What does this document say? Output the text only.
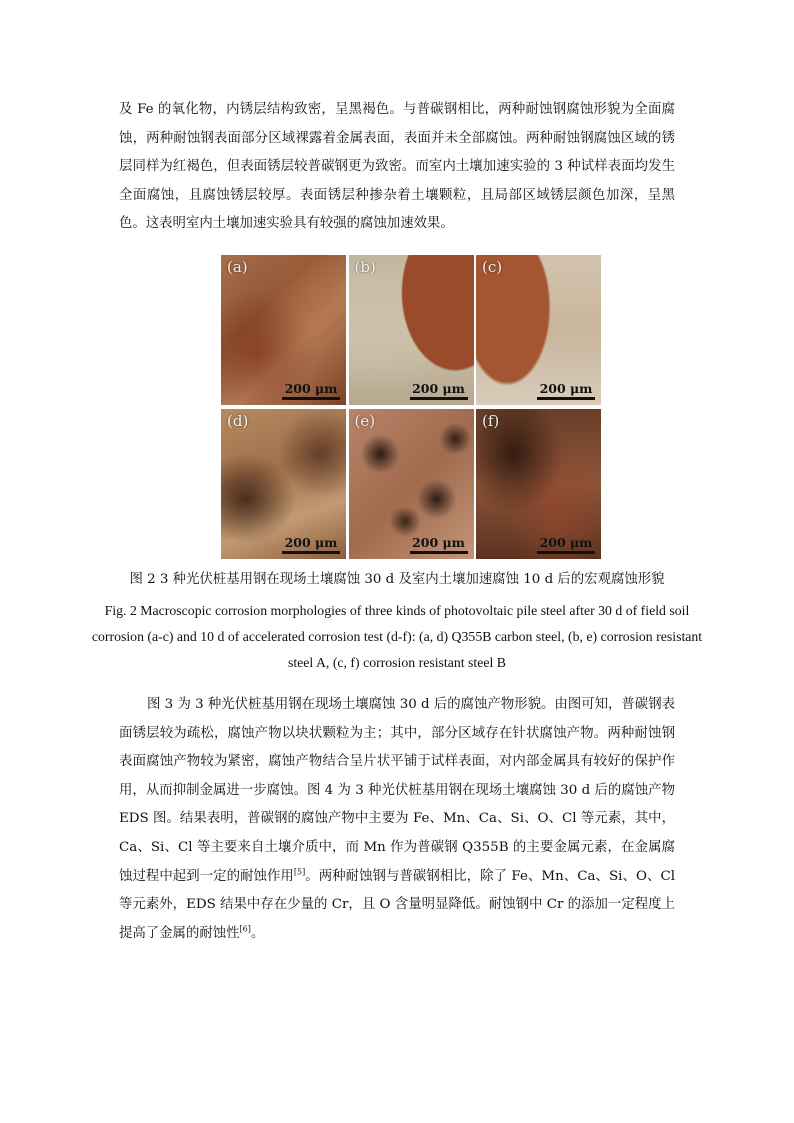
及 Fe 的氧化物，内锈层结构致密，呈黑褐色。与普碳钢相比，两种耐蚀钢腐蚀形貌为全面腐蚀，两种耐蚀钢表面部分区域裸露着金属表面，表面并未全部腐蚀。两种耐蚀钢腐蚀区域的锈层同样为红褐色，但表面锈层较普碳钢更为致密。而室内土壤加速实验的 3 种试样表面均发生全面腐蚀，且腐蚀锈层较厚。表面锈层种掺杂着土壤颗粒，且局部区域锈层颜色加深，呈黑色。这表明室内土壤加速实验具有较强的腐蚀加速效果。

(a)
200 μm
(b)
200 μm
(c)
200 μm
(d)
200 μm
(e)
200 μm
(f)
200 μm

图 2 3 种光伏桩基用钢在现场土壤腐蚀 30 d 及室内土壤加速腐蚀 10 d 后的宏观腐蚀形貌

Fig. 2 Macroscopic corrosion morphologies of three kinds of photovoltaic pile steel after 30 d of field soil corrosion (a-c) and 10 d of accelerated corrosion test (d-f): (a, d) Q355B carbon steel, (b, e) corrosion resistant steel A, (c, f) corrosion resistant steel B

图 3 为 3 种光伏桩基用钢在现场土壤腐蚀 30 d 后的腐蚀产物形貌。由图可知，普碳钢表面锈层较为疏松，腐蚀产物以块状颗粒为主；其中，部分区域存在针状腐蚀产物。两种耐蚀钢表面腐蚀产物较为紧密，腐蚀产物结合呈片状平铺于试样表面，对内部金属具有较好的保护作用，从而抑制金属进一步腐蚀。图 4 为 3 种光伏桩基用钢在现场土壤腐蚀 30 d 后的腐蚀产物 EDS 图。结果表明，普碳钢的腐蚀产物中主要为 Fe、Mn、Ca、Si、O、Cl 等元素，其中，Ca、Si、Cl 等主要来自土壤介质中，而 Mn 作为普碳钢 Q355B 的主要金属元素，在金属腐蚀过程中起到一定的耐蚀作用[5]。两种耐蚀钢与普碳钢相比，除了 Fe、Mn、Ca、Si、O、Cl 等元素外，EDS 结果中存在少量的 Cr，且 O 含量明显降低。耐蚀钢中 Cr 的添加一定程度上提高了金属的耐蚀性[6]。
